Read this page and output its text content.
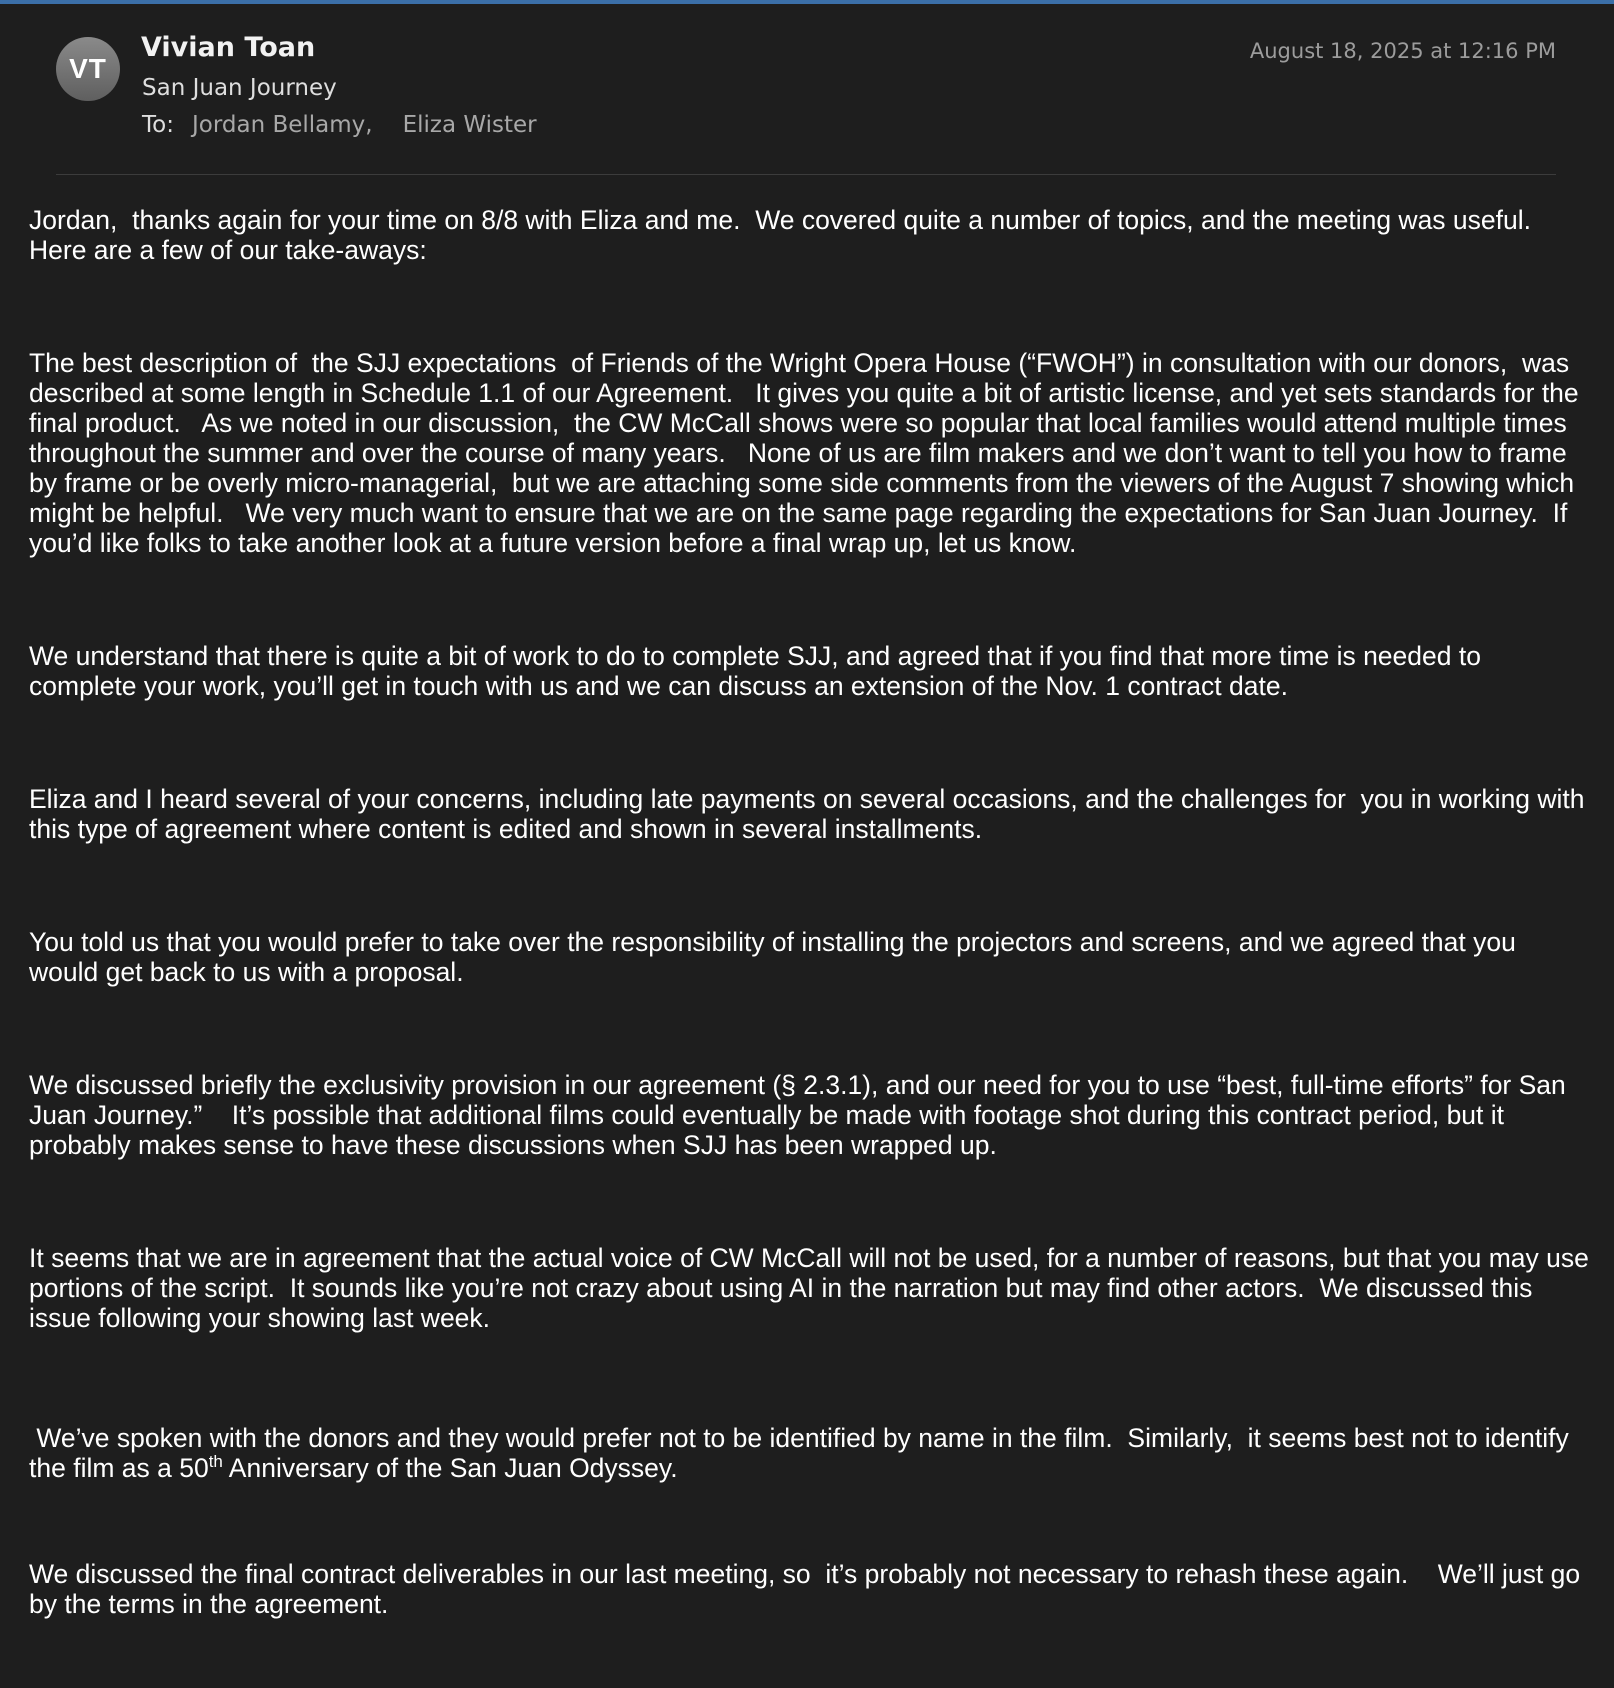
VT
Vivian Toan
San Juan Journey
To: Jordan Bellamy, Eliza Wister
August 18, 2025 at 12:16 PM

Jordan,  thanks again for your time on 8/8 with Eliza and me.  We covered quite a number of topics, and the meeting was useful.  Here are a few of our take-aways:

The best description of  the SJJ expectations  of Friends of the Wright Opera House (“FWOH”) in consultation with our donors,  was described at some length in Schedule 1.1 of our Agreement.   It gives you quite a bit of artistic license, and yet sets standards for the final product.   As we noted in our discussion,  the CW McCall shows were so popular that local families would attend multiple times throughout the summer and over the course of many years.   None of us are film makers and we don’t want to tell you how to frame by frame or be overly micro-managerial,  but we are attaching some side comments from the viewers of the August 7 showing which might be helpful.   We very much want to ensure that we are on the same page regarding the expectations for San Juan Journey.  If you’d like folks to take another look at a future version before a final wrap up, let us know.

We understand that there is quite a bit of work to do to complete SJJ, and agreed that if you find that more time is needed to complete your work, you’ll get in touch with us and we can discuss an extension of the Nov. 1 contract date.

Eliza and I heard several of your concerns, including late payments on several occasions, and the challenges for  you in working with this type of agreement where content is edited and shown in several installments.

You told us that you would prefer to take over the responsibility of installing the projectors and screens, and we agreed that you would get back to us with a proposal.

We discussed briefly the exclusivity provision in our agreement (§ 2.3.1), and our need for you to use “best, full-time efforts” for San Juan Journey.”    It’s possible that additional films could eventually be made with footage shot during this contract period, but it probably makes sense to have these discussions when SJJ has been wrapped up.

It seems that we are in agreement that the actual voice of CW McCall will not be used, for a number of reasons, but that you may use portions of the script.  It sounds like you’re not crazy about using AI in the narration but may find other actors.  We discussed this issue following your showing last week.

We’ve spoken with the donors and they would prefer not to be identified by name in the film.  Similarly,  it seems best not to identify the film as a 50th Anniversary of the San Juan Odyssey.

We discussed the final contract deliverables in our last meeting, so  it’s probably not necessary to rehash these again.    We’ll just go by the terms in the agreement.
